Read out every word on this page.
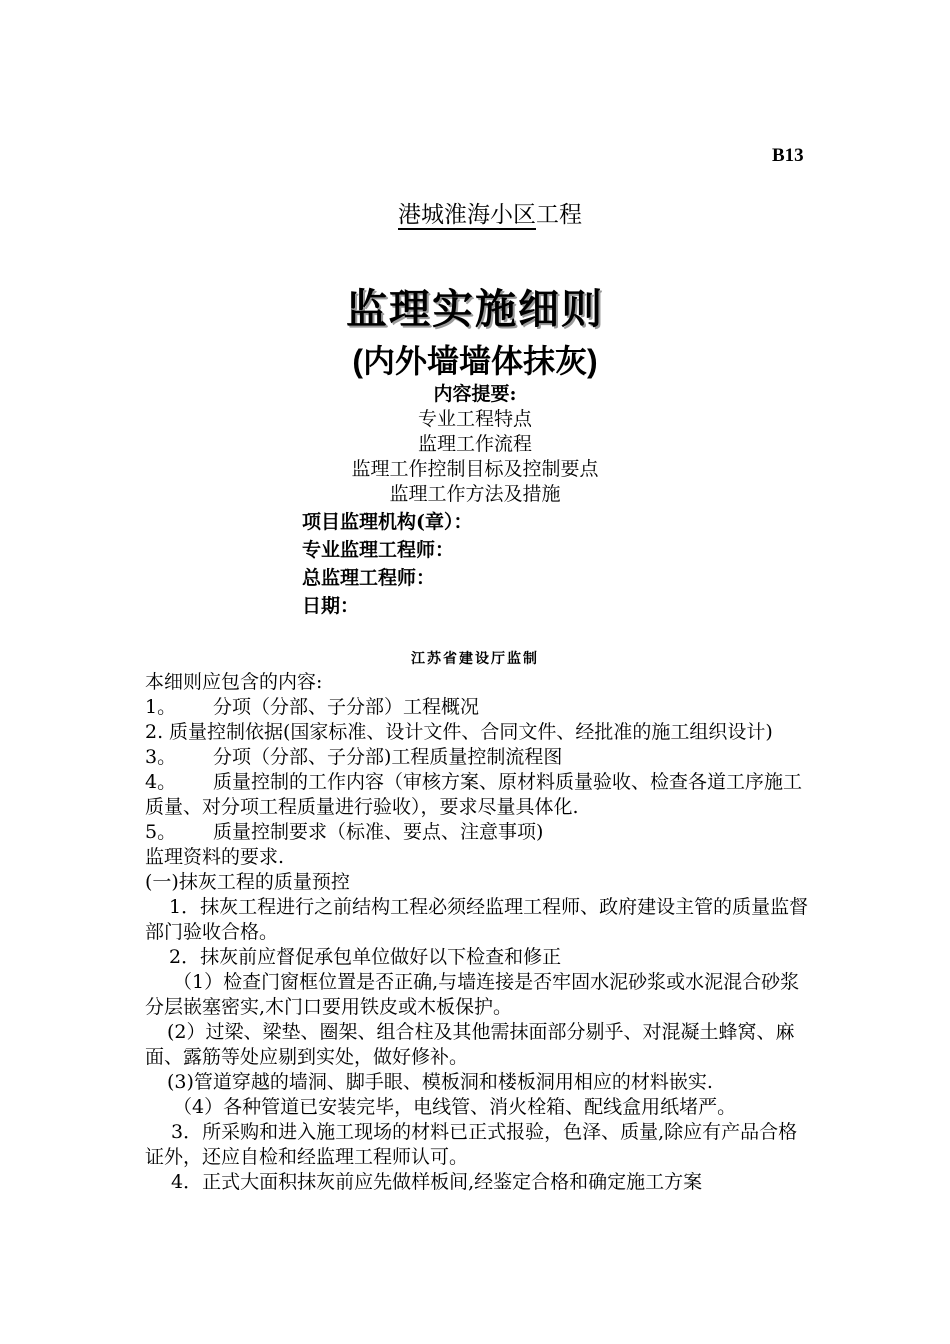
B13
港城淮海小区工程
监理实施细则
(内外墙墙体抹灰)
内容提要:
专业工程特点
监理工作流程
监理工作控制目标及控制要点
监理工作方法及措施
项目监理机构(章）：
专业监理工程师：
总监理工程师：
日期：
江苏省建设厅监制

本细则应包含的内容:

1。 分项（分部、子分部）工程概况

2. 质量控制依据(国家标准、设计文件、合同文件、经批准的施工组织设计)

3。 分项（分部、子分部)工程质量控制流程图

4。 质量控制的工作内容（审核方案、原材料质量验收、检查各道工序施工质量、对分项工程质量进行验收），要求尽量具体化.

5。 质量控制要求（标准、要点、注意事项)

监理资料的要求.

(一)抹灰工程的质量预控

1．抹灰工程进行之前结构工程必须经监理工程师、政府建设主管的质量监督部门验收合格。

2．抹灰前应督促承包单位做好以下检查和修正

（1）检查门窗框位置是否正确,与墙连接是否牢固水泥砂浆或水泥混合砂浆分层嵌塞密实,木门口要用铁皮或木板保护。

(2）过梁、梁垫、圈架、组合柱及其他需抹面部分剔乎、对混凝土蜂窝、麻面、露筋等处应剔到实处，做好修补。

(3)管道穿越的墙洞、脚手眼、模板洞和楼板洞用相应的材料嵌实.

（4）各种管道已安装完毕，电线管、消火栓箱、配线盒用纸堵严。

3．所采购和进入施工现场的材料已正式报验，色泽、质量,除应有产品合格证外，还应自检和经监理工程师认可。

4．正式大面积抹灰前应先做样板间,经鉴定合格和确定施工方案
